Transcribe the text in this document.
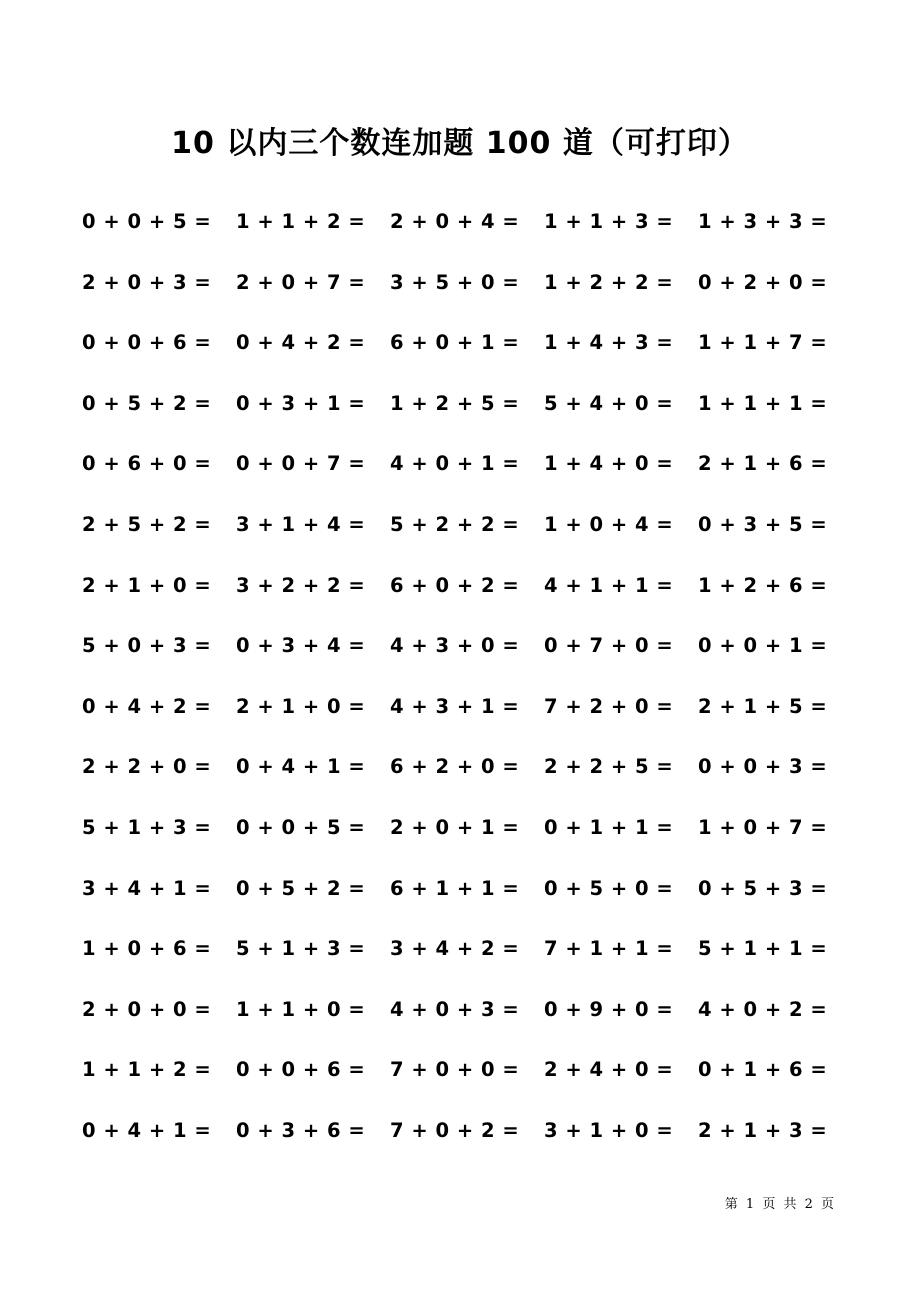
10 以内三个数连加题 100 道（可打印）
0 + 0 + 5 =	1 + 1 + 2 =	2 + 0 + 4 =	1 + 1 + 3 =	1 + 3 + 3 =
2 + 0 + 3 =	2 + 0 + 7 =	3 + 5 + 0 =	1 + 2 + 2 =	0 + 2 + 0 =
0 + 0 + 6 =	0 + 4 + 2 =	6 + 0 + 1 =	1 + 4 + 3 =	1 + 1 + 7 =
0 + 5 + 2 =	0 + 3 + 1 =	1 + 2 + 5 =	5 + 4 + 0 =	1 + 1 + 1 =
0 + 6 + 0 =	0 + 0 + 7 =	4 + 0 + 1 =	1 + 4 + 0 =	2 + 1 + 6 =
2 + 5 + 2 =	3 + 1 + 4 =	5 + 2 + 2 =	1 + 0 + 4 =	0 + 3 + 5 =
2 + 1 + 0 =	3 + 2 + 2 =	6 + 0 + 2 =	4 + 1 + 1 =	1 + 2 + 6 =
5 + 0 + 3 =	0 + 3 + 4 =	4 + 3 + 0 =	0 + 7 + 0 =	0 + 0 + 1 =
0 + 4 + 2 =	2 + 1 + 0 =	4 + 3 + 1 =	7 + 2 + 0 =	2 + 1 + 5 =
2 + 2 + 0 =	0 + 4 + 1 =	6 + 2 + 0 =	2 + 2 + 5 =	0 + 0 + 3 =
5 + 1 + 3 =	0 + 0 + 5 =	2 + 0 + 1 =	0 + 1 + 1 =	1 + 0 + 7 =
3 + 4 + 1 =	0 + 5 + 2 =	6 + 1 + 1 =	0 + 5 + 0 =	0 + 5 + 3 =
1 + 0 + 6 =	5 + 1 + 3 =	3 + 4 + 2 =	7 + 1 + 1 =	5 + 1 + 1 =
2 + 0 + 0 =	1 + 1 + 0 =	4 + 0 + 3 =	0 + 9 + 0 =	4 + 0 + 2 =
1 + 1 + 2 =	0 + 0 + 6 =	7 + 0 + 0 =	2 + 4 + 0 =	0 + 1 + 6 =
0 + 4 + 1 =	0 + 3 + 6 =	7 + 0 + 2 =	3 + 1 + 0 =	2 + 1 + 3 =
第 1 页 共 2 页
